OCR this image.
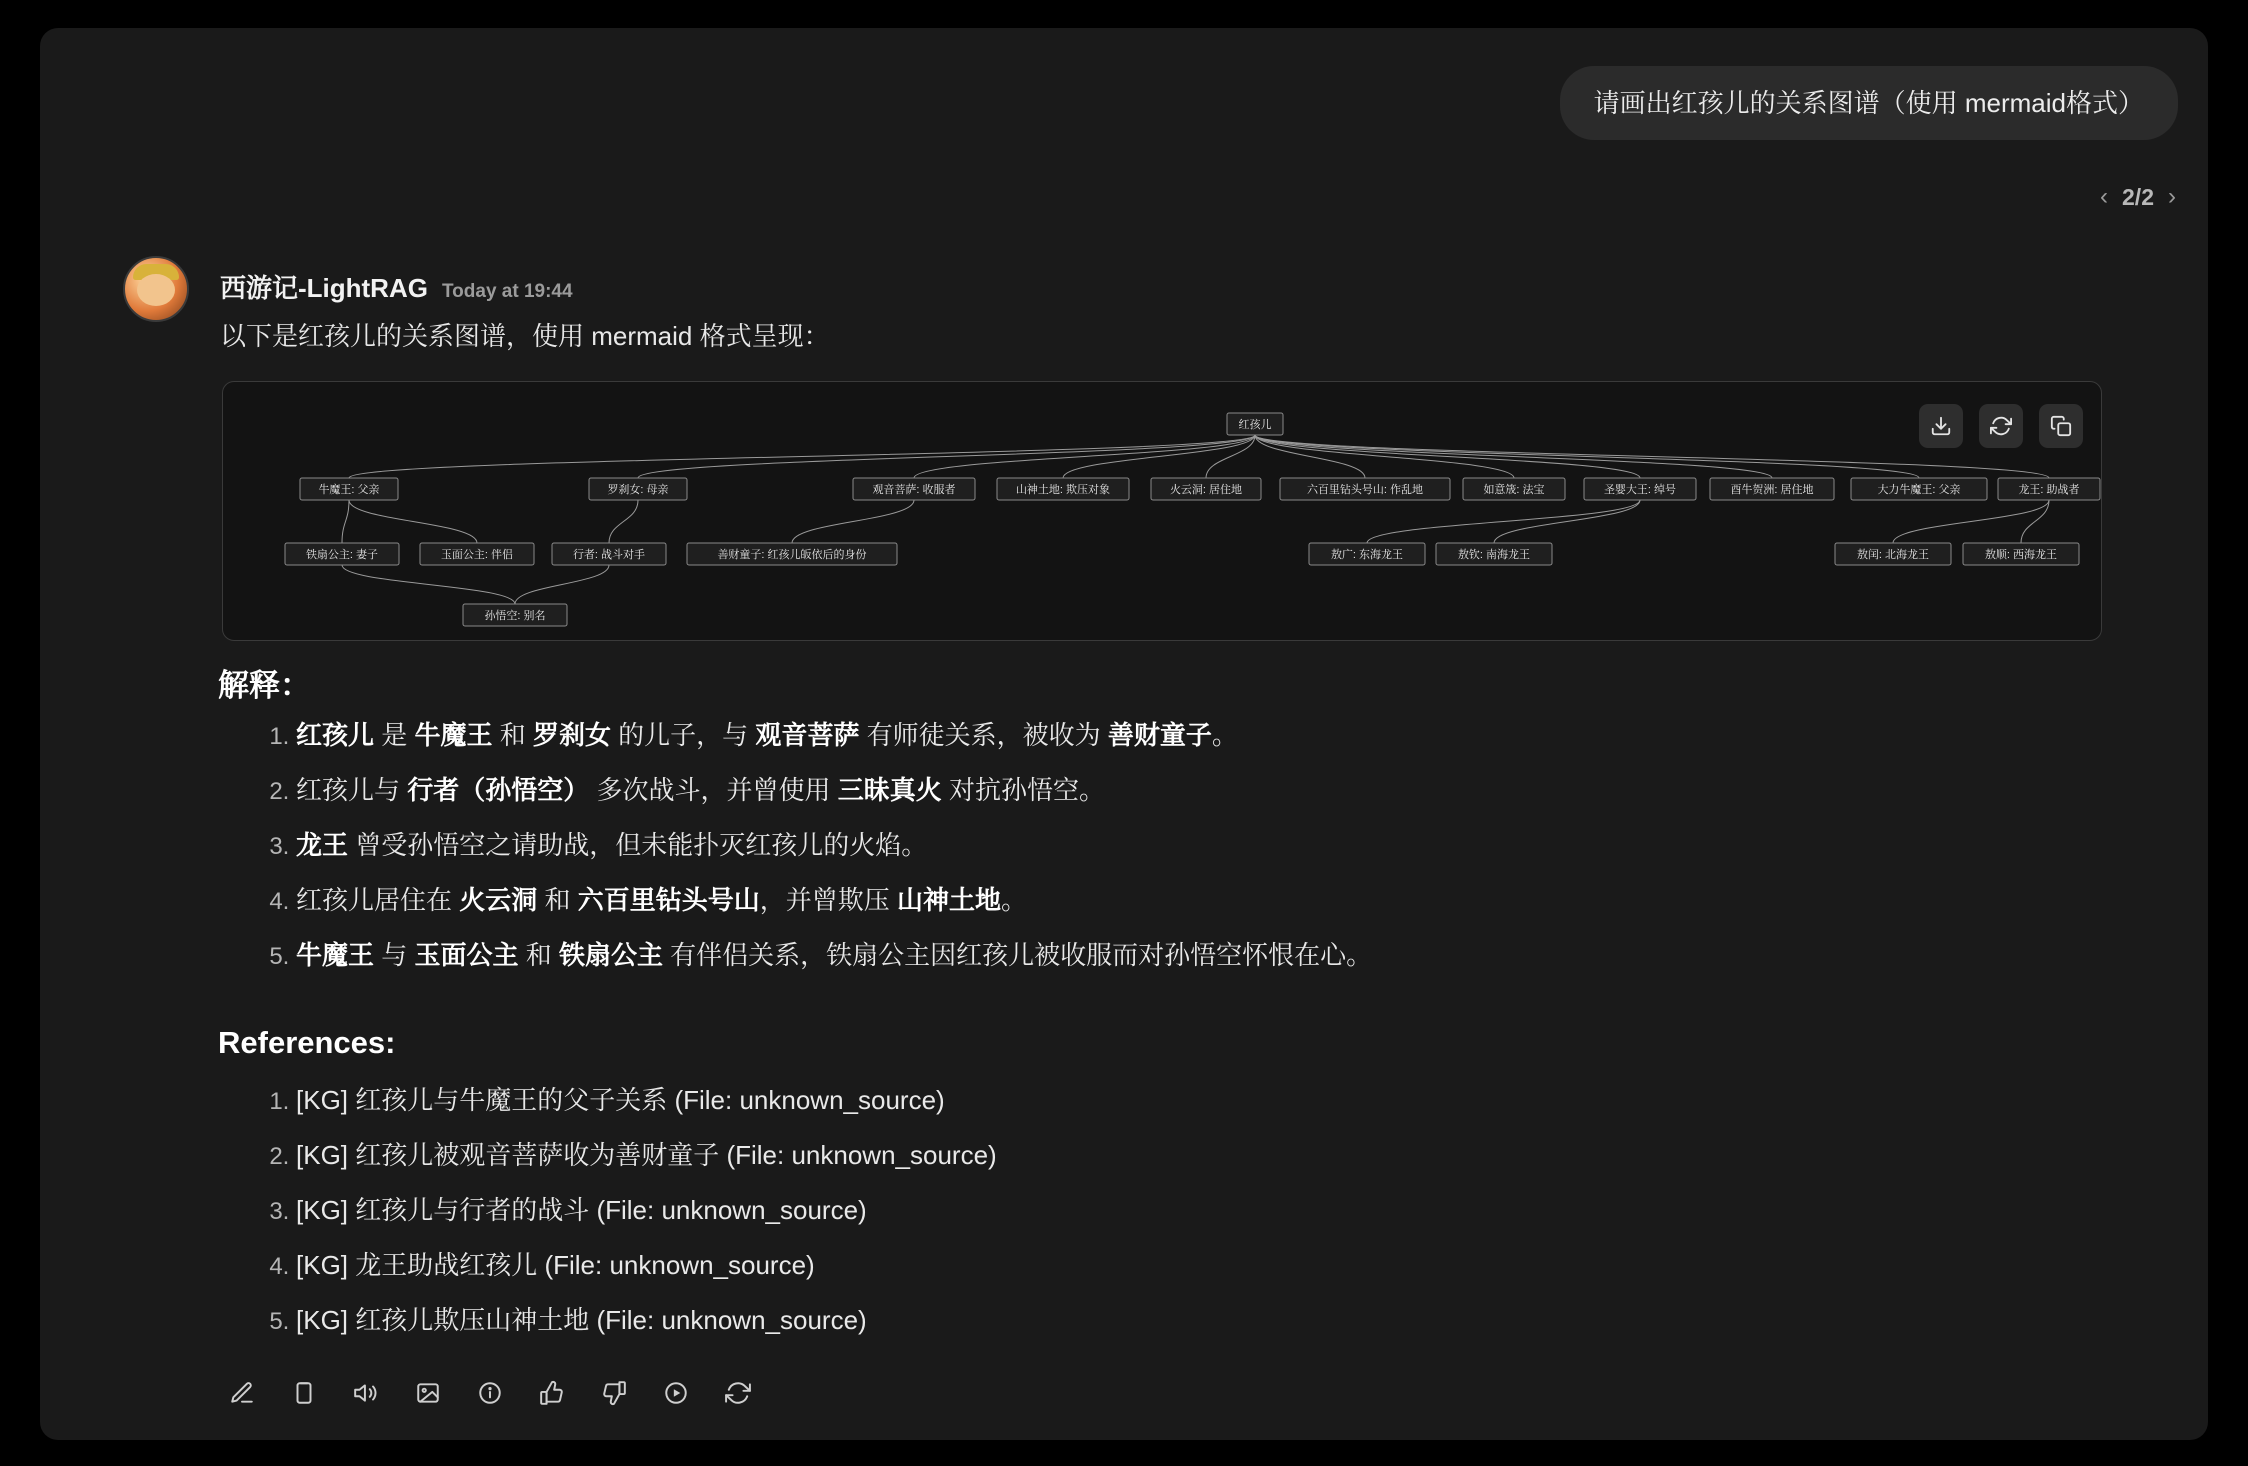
请画出红孩儿的关系图谱（使用 mermaid格式）
‹ 2/2 ›
西游记-LightRAG Today at 19:44
以下是红孩儿的关系图谱，使用 mermaid 格式呈现：
红孩儿
牛魔王: 父亲	罗刹女: 母亲	观音菩萨: 收服者	山神土地: 欺压对象	火云洞: 居住地	六百里钻头号山: 作乱地	如意筬: 法宝	圣婴大王: 绰号	酉牛贺洲: 居住地	大力牛魔王: 父亲	龙王: 助战者
铁扇公主: 妻子	玉面公主: 伴侣	行者: 战斗对手	善财童子: 红孩儿皈依后的身份	敖广: 东海龙王	敖钦: 南海龙王	敖闰: 北海龙王	敖顺: 西海龙王
孙悟空: 别名
解释：
1. 红孩儿 是 牛魔王 和 罗刹女 的儿子，与 观音菩萨 有师徒关系，被收为 善财童子。
2. 红孩儿与 行者（孙悟空） 多次战斗，并曾使用 三昧真火 对抗孙悟空。
3. 龙王 曾受孙悟空之请助战，但未能扑灭红孩儿的火焰。
4. 红孩儿居住在 火云洞 和 六百里钻头号山，并曾欺压 山神土地。
5. 牛魔王 与 玉面公主 和 铁扇公主 有伴侣关系，铁扇公主因红孩儿被收服而对孙悟空怀恨在心。
References:
1. [KG] 红孩儿与牛魔王的父子关系 (File: unknown_source)
2. [KG] 红孩儿被观音菩萨收为善财童子 (File: unknown_source)
3. [KG] 红孩儿与行者的战斗 (File: unknown_source)
4. [KG] 龙王助战红孩儿 (File: unknown_source)
5. [KG] 红孩儿欺压山神土地 (File: unknown_source)
